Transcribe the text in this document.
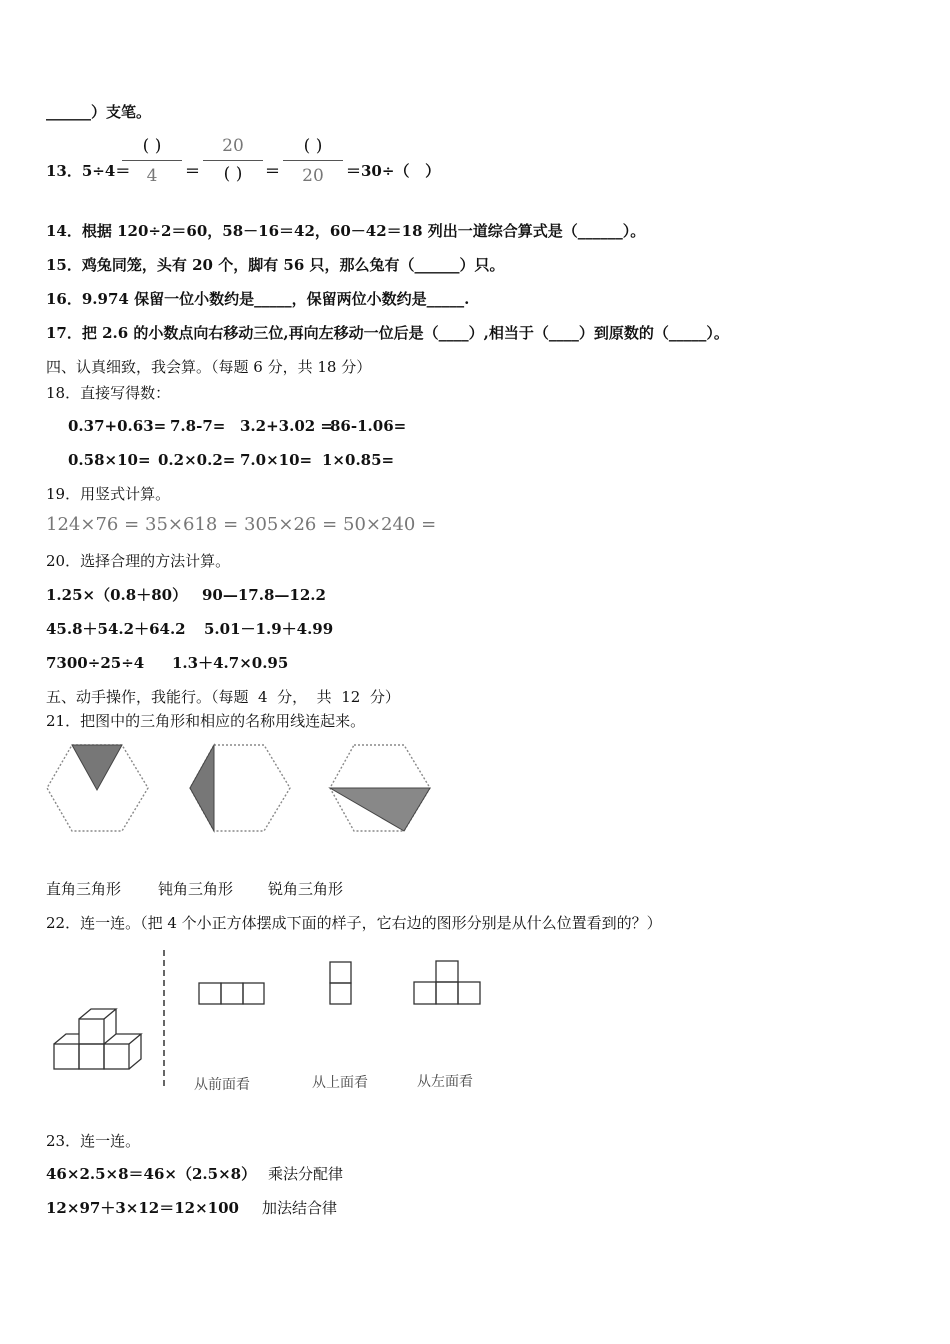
______）支笔。
13．5÷4＝
( )
4	＝
20
( )	＝
( )
20	＝30÷（   ）
14．根据 120÷2＝60，58－16＝42，60－42＝18 列出一道综合算式是（______）。
15．鸡兔同笼，头有 20 个，脚有 56 只，那么兔有（______）只。
16．9.974 保留一位小数约是_____，保留两位小数约是_____.
17．把 2.6 的小数点向右移动三位,再向左移动一位后是（____）,相当于（____）到原数的（_____）。
四、认真细致，我会算。（每题 6 分，共 18 分）
18．直接写得数：
0.37+0.63= 7.8-7= 3.2+3.02 =
86-1.06=
0.58×10= 0.2×0.2= 7.0×10= 1×0.85=
19．用竖式计算。
124×76 = 35×618 = 305×26 = 50×240 =
20．选择合理的方法计算。
1.25×（0.8＋80） 90—17.8—12.2
45.8＋54.2＋64.2 5.01－1.9＋4.99
7300÷25÷4 1.3＋4.7×0.95
五、动手操作，我能行。（每题  4  分，  共  12  分）
21．把图中的三角形和相应的名称用线连起来。
直角三角形 钝角三角形 锐角三角形
22．连一连。（把 4 个小正方体摆成下面的样子，它右边的图形分别是从什么位置看到的？）
从前面看	从上面看	从左面看
23．连一连。
46×2.5×8＝46×（2.5×8） 乘法分配律
12×97＋3×12＝12×100 加法结合律
